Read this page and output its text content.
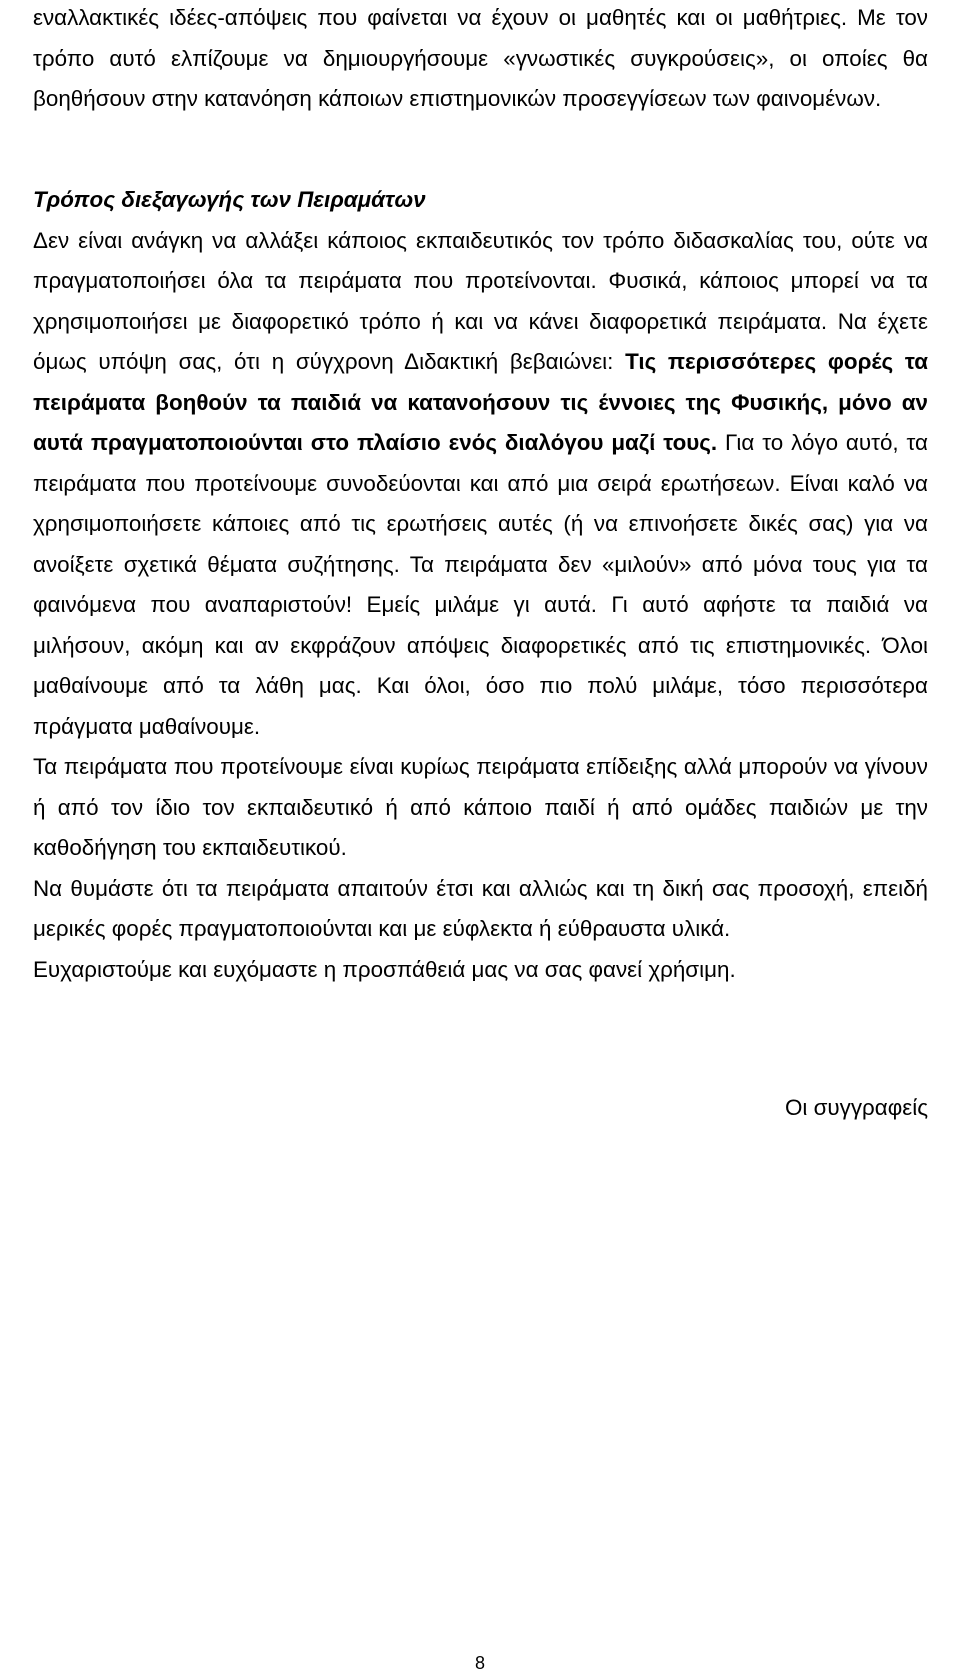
εναλλακτικές ιδέες-απόψεις που φαίνεται να έχουν οι μαθητές και οι μαθήτριες. Με τον τρόπο αυτό ελπίζουμε να δημιουργήσουμε «γνωστικές συγκρούσεις», οι οποίες θα βοηθήσουν στην κατανόηση κάποιων επιστημονικών προσεγγίσεων των φαινομένων.

Τρόπος διεξαγωγής των Πειραμάτων

Δεν είναι ανάγκη να αλλάξει κάποιος εκπαιδευτικός τον τρόπο διδασκαλίας του, ούτε να πραγματοποιήσει όλα τα πειράματα που προτείνονται. Φυσικά, κάποιος μπορεί να τα χρησιμοποιήσει με διαφορετικό τρόπο ή και να κάνει διαφορετικά πειράματα. Να έχετε όμως υπόψη σας, ότι η σύγχρονη Διδακτική βεβαιώνει: Τις περισσότερες φορές τα πειράματα βοηθούν τα παιδιά να κατανοήσουν τις έννοιες της Φυσικής, μόνο αν αυτά πραγματοποιούνται στο πλαίσιο ενός διαλόγου μαζί τους. Για το λόγο αυτό, τα πειράματα που προτείνουμε συνοδεύονται και από μια σειρά ερωτήσεων. Είναι καλό να χρησιμοποιήσετε κάποιες από τις ερωτήσεις αυτές (ή να επινοήσετε δικές σας) για να ανοίξετε σχετικά θέματα συζήτησης. Τα πειράματα δεν «μιλούν» από μόνα τους για τα φαινόμενα που αναπαριστούν! Εμείς μιλάμε γι αυτά. Γι αυτό αφήστε τα παιδιά να μιλήσουν, ακόμη και αν εκφράζουν απόψεις διαφορετικές από τις επιστημονικές. Όλοι μαθαίνουμε από τα λάθη μας. Και όλοι, όσο πιο πολύ μιλάμε, τόσο περισσότερα πράγματα μαθαίνουμε.

Τα πειράματα που προτείνουμε είναι κυρίως πειράματα επίδειξης αλλά μπορούν να γίνουν ή από τον ίδιο τον εκπαιδευτικό ή από κάποιο παιδί ή από ομάδες παιδιών με την καθοδήγηση του εκπαιδευτικού.

Να θυμάστε ότι τα πειράματα απαιτούν έτσι και αλλιώς και τη δική σας προσοχή, επειδή μερικές φορές πραγματοποιούνται και με εύφλεκτα ή εύθραυστα υλικά.

Ευχαριστούμε και ευχόμαστε η προσπάθειά μας να σας φανεί χρήσιμη.

Οι συγγραφείς
8
